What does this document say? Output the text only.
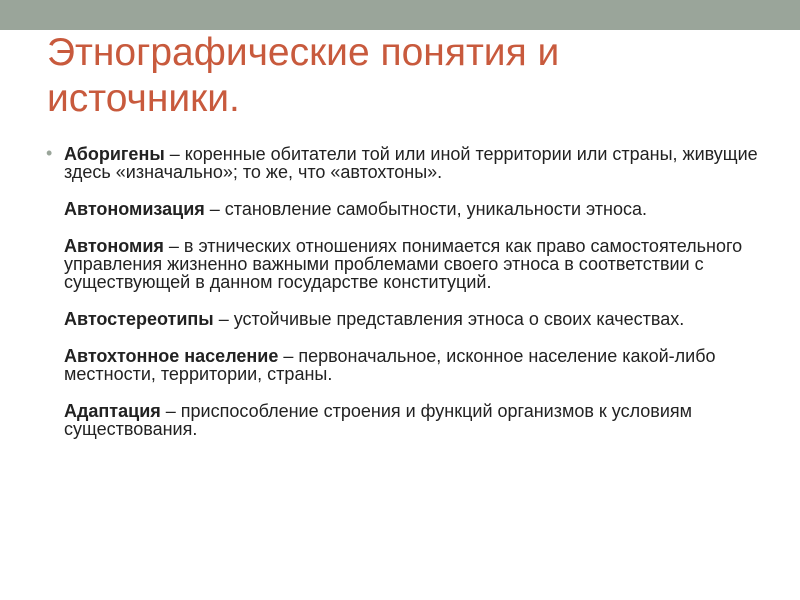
Этнографические понятия и
источники.
• Аборигены – коренные обитатели той или иной территории или страны, живущие здесь «изначально»; то же, что «автохтоны».
Автономизация – становление самобытности, уникальности этноса.
Автономия – в этнических отношениях понимается как право самостоятельного управления жизненно важными проблемами своего этноса в соответствии с существующей в данном государстве конституций.
Автостереотипы – устойчивые представления этноса о своих качествах.
Автохтонное население – первоначальное, исконное население какой-либо местности, территории, страны.
Адаптация – приспособление строения и функций организмов к условиям существования.
